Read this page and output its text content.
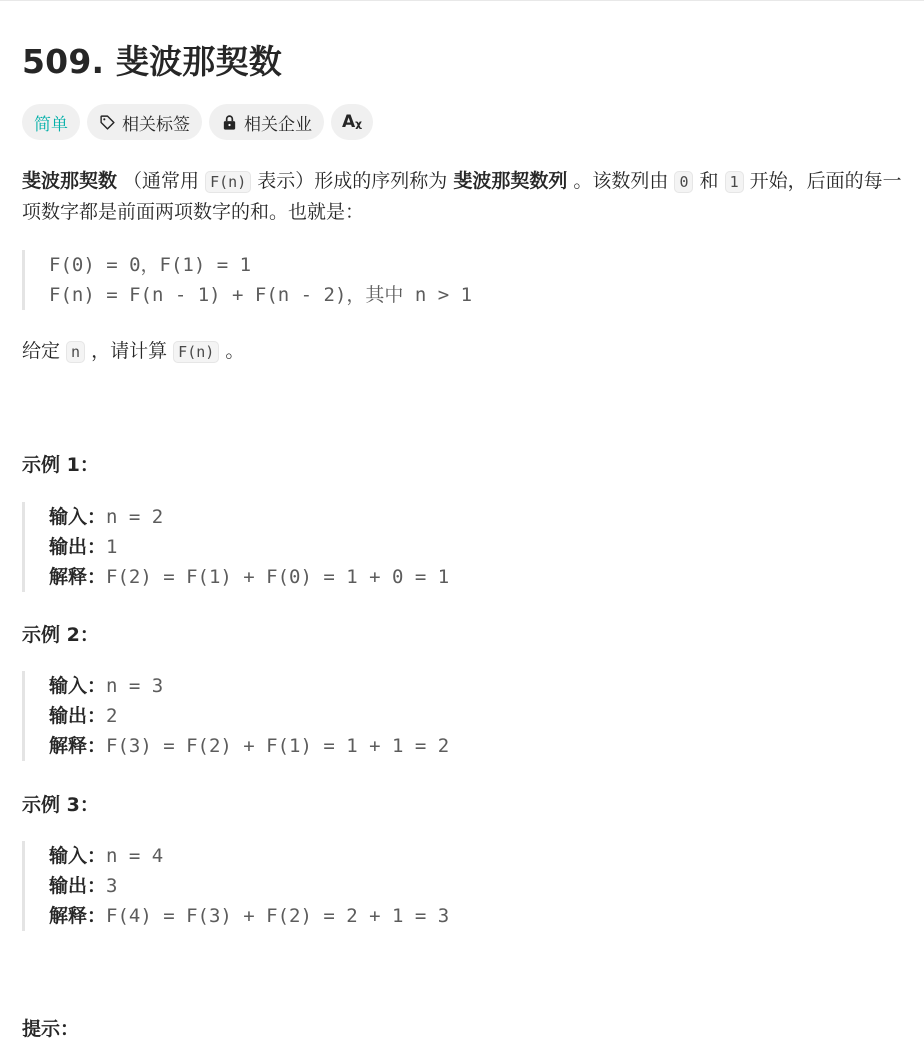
509. 斐波那契数
简单	相关标签	相关企业 Aᵪ
斐波那契数 （通常用 F(n) 表示）形成的序列称为 斐波那契数列 。该数列由 0 和 1 开始，后面的每一项数字都是前面两项数字的和。也就是：
F(0) = 0，F(1) = 1
F(n) = F(n - 1) + F(n - 2)，其中 n > 1
给定 n ，请计算 F(n) 。
示例 1：
输入：n = 2
输出：1
解释：F(2) = F(1) + F(0) = 1 + 0 = 1
示例 2：
输入：n = 3
输出：2
解释：F(3) = F(2) + F(1) = 1 + 1 = 2
示例 3：
输入：n = 4
输出：3
解释：F(4) = F(3) + F(2) = 2 + 1 = 3
提示：
